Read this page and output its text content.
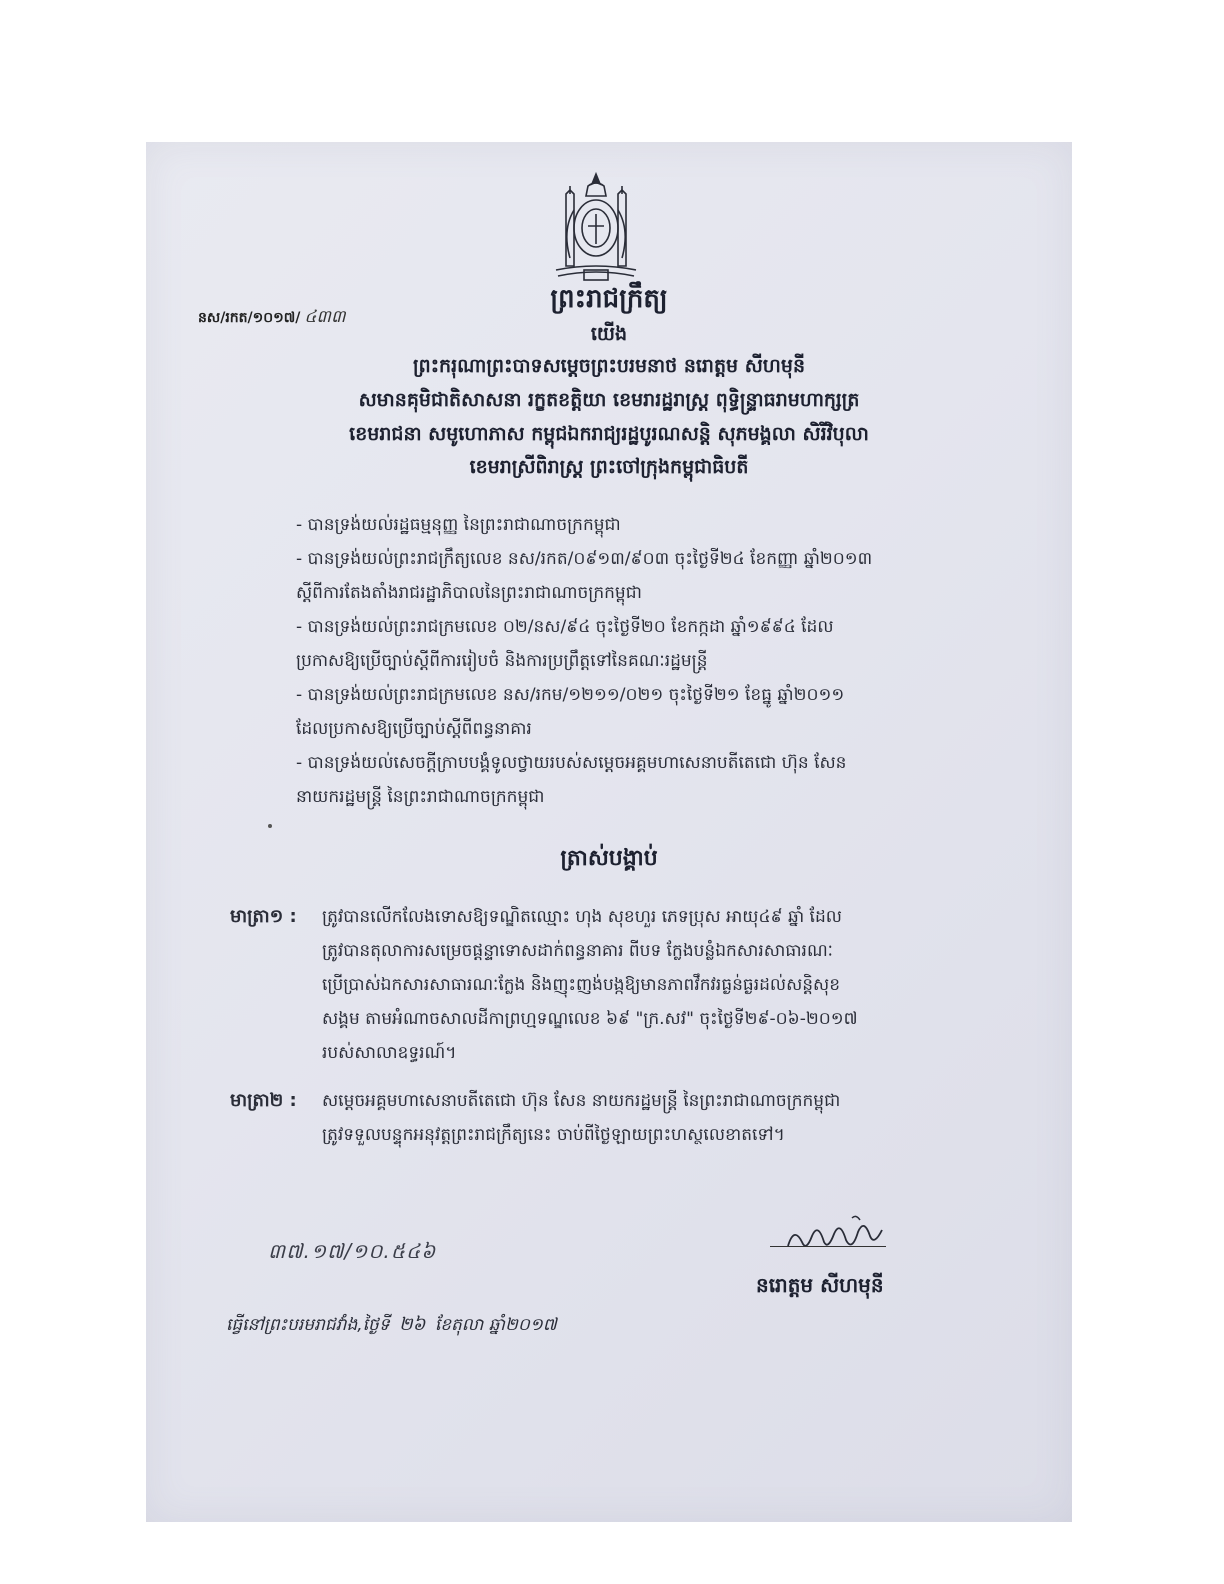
នស/រកត/១០១៧/ ៤៣៣
ព្រះរាជក្រឹត្យ
យើង
ព្រះករុណាព្រះបាទសម្តេចព្រះបរមនាថ នរោត្តម សីហមុនី
សមានគុមិជាតិសាសនា រក្ខតខត្តិយា ខេមរារដ្ឋរាស្ត្រ ពុទ្ធិន្ទ្រាធរាមហាក្សត្រ
ខេមរាជនា សមូហោភាស កម្ពុជឯករាជ្យរដ្ឋបូរណសន្តិ សុភមង្គលា សិរីវិបុលា
ខេមរាស្រីពិរាស្ត្រ ព្រះចៅក្រុងកម្ពុជាធិបតី
- បានទ្រង់យល់រដ្ឋធម្មនុញ្ញ នៃព្រះរាជាណាចក្រកម្ពុជា
- បានទ្រង់យល់ព្រះរាជក្រឹត្យលេខ នស/រកត/០៩១៣/៩០៣ ចុះថ្ងៃទី២៤ ខែកញ្ញា ឆ្នាំ២០១៣
ស្តីពីការតែងតាំងរាជរដ្ឋាភិបាលនៃព្រះរាជាណាចក្រកម្ពុជា
- បានទ្រង់យល់ព្រះរាជក្រមលេខ ០២/នស/៩៤ ចុះថ្ងៃទី២០ ខែកក្កដា ឆ្នាំ១៩៩៤ ដែល
ប្រកាសឱ្យប្រើច្បាប់ស្តីពីការរៀបចំ និងការប្រព្រឹត្តទៅនៃគណៈរដ្ឋមន្ត្រី
- បានទ្រង់យល់ព្រះរាជក្រមលេខ នស/រកម/១២១១/០២១ ចុះថ្ងៃទី២១ ខែធ្នូ ឆ្នាំ២០១១
ដែលប្រកាសឱ្យប្រើច្បាប់ស្តីពីពន្ធនាគារ
- បានទ្រង់យល់សេចក្តីក្រាបបង្គំទូលថ្វាយរបស់សម្តេចអគ្គមហាសេនាបតីតេជោ ហ៊ុន សែន
នាយករដ្ឋមន្ត្រី នៃព្រះរាជាណាចក្រកម្ពុជា
ត្រាស់បង្គាប់
មាត្រា១ : ត្រូវបានលើកលែងទោសឱ្យទណ្ឌិតឈ្មោះ ហុង សុខហួរ ភេទប្រុស អាយុ៤៩ ឆ្នាំ ដែល
ត្រូវបានតុលាការសម្រេចផ្តន្ទាទោសដាក់ពន្ធនាគារ ពីបទ ក្លែងបន្លំឯកសារសាធារណៈ
ប្រើប្រាស់ឯកសារសាធារណៈក្លែង និងញុះញង់បង្កឱ្យមានភាពវឹកវរធ្ងន់ធ្ងរដល់សន្តិសុខ
សង្គម តាមអំណាចសាលដីកាព្រហ្មទណ្ឌលេខ ៦៩ "ក្រ.សវ" ចុះថ្ងៃទី២៩-០៦-២០១៧
របស់សាលាឧទ្ធរណ៍។
មាត្រា២ : សម្តេចអគ្គមហាសេនាបតីតេជោ ហ៊ុន សែន នាយករដ្ឋមន្ត្រី នៃព្រះរាជាណាចក្រកម្ពុជា
ត្រូវទទួលបន្ទុកអនុវត្តព្រះរាជក្រឹត្យនេះ ចាប់ពីថ្ងៃឡាយព្រះហស្ថលេខាតទៅ។
នរោត្តម សីហមុនី
៣៧.១៧/១០.៥៤៦
ធ្វើនៅព្រះបរមរាជវាំង,ថ្ងៃទី ២៦ ខែតុលា ឆ្នាំ២០១៧
